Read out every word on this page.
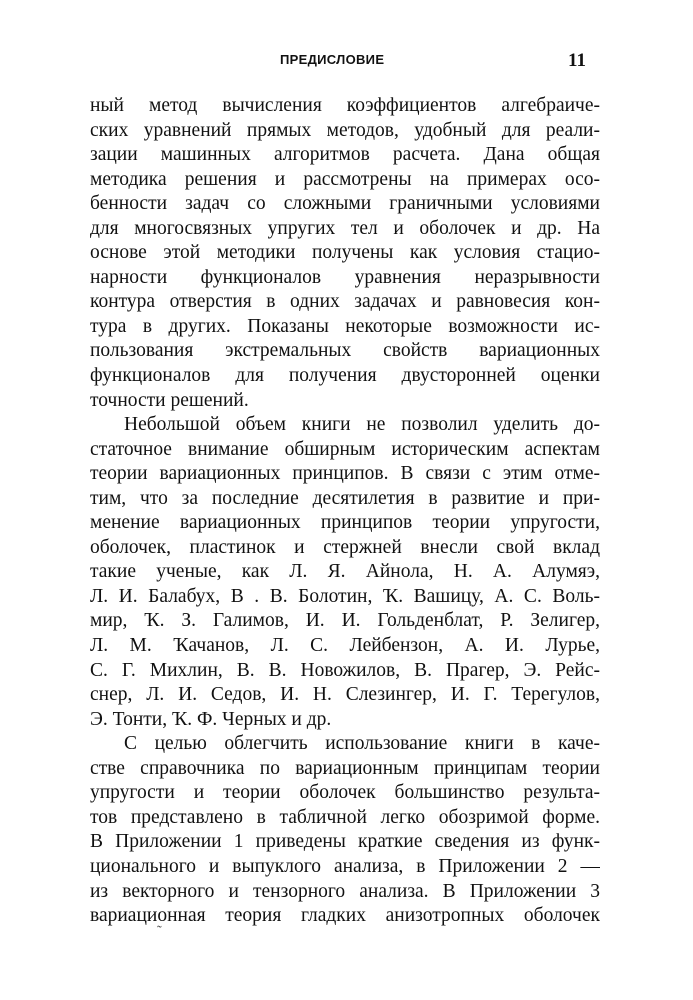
ПРЕДИСЛОВИЕ	11
ный метод вычисления коэффициентов алгебраиче-
ских уравнений прямых методов, удобный для реали-
зации машинных алгоритмов расчета. Дана общая
методика решения и рассмотрены на примерах осо-
бенности задач со сложными граничными условиями
для многосвязных упругих тел и оболочек и др. На
основе этой методики получены как условия стацио-
нарности функционалов уравнения неразрывности
контура отверстия в одних задачах и равновесия кон-
тура в других. Показаны некоторые возможности ис-
пользования экстремальных свойств вариационных
функционалов для получения двусторонней оценки
точности решений.
Небольшой объем книги не позволил уделить до-
статочное внимание обширным историческим аспектам
теории вариационных принципов. В связи с этим отме-
тим, что за последние десятилетия в развитие и при-
менение вариационных принципов теории упругости,
оболочек, пластинок и стержней внесли свой вклад
такие ученые, как Л. Я. Айнола, Н. А. Алумяэ,
Л. И. Балабух, В . В. Болотин, Ҡ. Вашицу, А. С. Воль-
мир, Ҡ. З. Галимов, И. И. Гольденблат, Р. Зелигер,
Л. М. Ҡачанов, Л. С. Лейбензон, А. И. Лурье,
С. Г. Михлин, В. В. Новожилов, В. Прагер, Э. Рейс-
снер, Л. И. Седов, И. Н. Слезингер, И. Г. Терегулов,
Э. Тонти, Ҡ. Ф. Черных и др.
С целью облегчить использование книги в каче-
стве справочника по вариационным принципам теории
упругости и теории оболочек большинство результа-
тов представлено в табличной легко обозримой форме.
В Приложении 1 приведены краткие сведения из функ-
ционального и выпуклого анализа, в Приложении 2 —
из векторного и тензорного анализа. В Приложении 3
вариационная теория гладких анизотропных оболочек
˜
